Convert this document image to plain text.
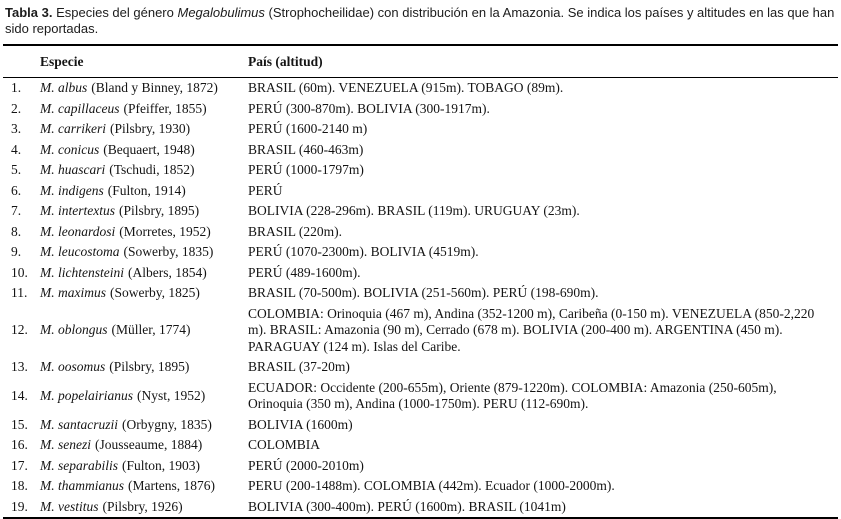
Tabla 3. Especies del género Megalobulimus (Strophocheilidae) con distribución en la Amazonia. Se indica los países y altitudes en las que han sido reportadas.

	Especie	País (altitud)
1.	M. albus (Bland y Binney, 1872)	BRASIL (60m). VENEZUELA (915m). TOBAGO (89m).
2.	M. capillaceus (Pfeiffer, 1855)	PERÚ (300-870m). BOLIVIA (300-1917m).
3.	M. carrikeri (Pilsbry, 1930)	PERÚ (1600-2140 m)
4.	M. conicus (Bequaert, 1948)	BRASIL (460-463m)
5.	M. huascari (Tschudi, 1852)	PERÚ (1000-1797m)
6.	M. indigens (Fulton, 1914)	PERÚ
7.	M. intertextus (Pilsbry, 1895)	BOLIVIA (228-296m). BRASIL (119m). URUGUAY (23m).
8.	M. leonardosi (Morretes, 1952)	BRASIL (220m).
9.	M. leucostoma (Sowerby, 1835)	PERÚ (1070-2300m). BOLIVIA (4519m).
10.	M. lichtensteini (Albers, 1854)	PERÚ (489-1600m).
11.	M. maximus (Sowerby, 1825)	BRASIL (70-500m). BOLIVIA (251-560m). PERÚ (198-690m).
12.	M. oblongus (Müller, 1774)	COLOMBIA: Orinoquia (467 m), Andina (352-1200 m), Caribeña (0-150 m). VENEZUELA (850-2,220 m). BRASIL: Amazonia (90 m), Cerrado (678 m). BOLIVIA (200-400 m). ARGENTINA (450 m). PARAGUAY (124 m). Islas del Caribe.
13.	M. oosomus (Pilsbry, 1895)	BRASIL (37-20m)
14.	M. popelairianus (Nyst, 1952)	ECUADOR: Occidente (200-655m), Oriente (879-1220m). COLOMBIA: Amazonia (250-605m), Orinoquia (350 m), Andina (1000-1750m). PERU (112-690m).
15.	M. santacruzii (Orbygny, 1835)	BOLIVIA (1600m)
16.	M. senezi (Jousseaume, 1884)	COLOMBIA
17.	M. separabilis (Fulton, 1903)	PERÚ (2000-2010m)
18.	M. thammianus (Martens, 1876)	PERU (200-1488m). COLOMBIA (442m). Ecuador (1000-2000m).
19.	M. vestitus (Pilsbry, 1926)	BOLIVIA (300-400m). PERÚ (1600m). BRASIL (1041m)
